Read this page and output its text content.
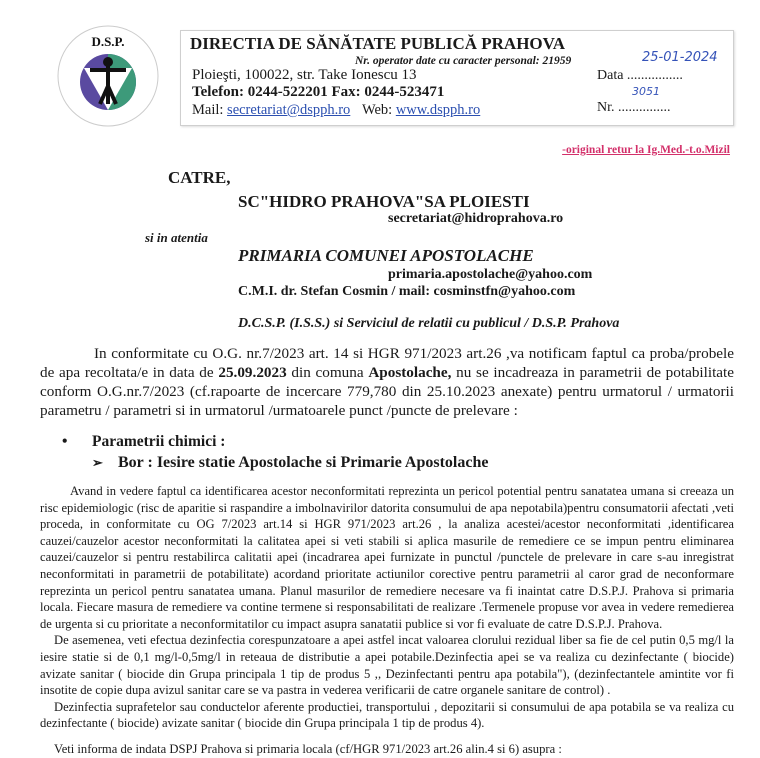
D.S.P.	DIRECTIA DE SĂNĂTATE PUBLICĂ PRAHOVA
Nr. operator date cu caracter personal: 21959
Ploieşti, 100022, str. Take Ionescu 13
Telefon: 0244-522201 Fax: 0244-523471
Mail: secretariat@dspph.ro Web: www.dspph.ro
25-01-2024
Data ................
3051
Nr. ...............
-original retur la Ig.Med.-t.o.Mizil
CATRE,
SC"HIDRO PRAHOVA"SA PLOIESTI
secretariat@hidroprahova.ro
si in atentia
PRIMARIA COMUNEI APOSTOLACHE
primaria.apostolache@yahoo.com
C.M.I. dr. Stefan Cosmin / mail: cosminstfn@yahoo.com
D.C.S.P. (I.S.S.) si Serviciul de relatii cu publicul / D.S.P. Prahova

In conformitate cu O.G. nr.7/2023 art. 14 si HGR 971/2023 art.26 ,va notificam faptul ca proba/probele de apa recoltata/e in data de 25.09.2023 din comuna Apostolache, nu se incadreaza in parametrii de potabilitate conform O.G.nr.7/2023 (cf.rapoarte de incercare 779,780 din 25.10.2023 anexate) pentru urmatorul / urmatorii parametru / parametri si in urmatorul /urmatoarele punct /puncte de prelevare :

• Parametrii chimici :
➢ Bor : Iesire statie Apostolache si Primarie Apostolache

Avand in vedere faptul ca identificarea acestor neconformitati reprezinta un pericol potential pentru sanatatea umana si creeaza un risc epidemiologic (risc de aparitie si raspandire a imbolnavirilor datorita consumului de apa nepotabila)pentru consumatorii afectati ,veti proceda, in conformitate cu OG 7/2023 art.14 si HGR 971/2023 art.26 , la analiza acestei/acestor neconformitati ,identificarea cauzei/cauzelor acestor neconformitati la calitatea apei si veti stabili si aplica masurile de remediere ce se impun pentru eliminarea cauzei/cauzelor si pentru restabilirca calitatii apei (incadrarea apei furnizate in punctul /punctele de prelevare in care s-au inregistrat neconformitati in parametrii de potabilitate) acordand prioritate actiunilor corective pentru parametrii al caror grad de neconformare reprezinta un pericol pentru sanatatea umana. Planul masurilor de remediere necesare va fi inaintat catre D.S.P.J. Prahova si primaria locala. Fiecare masura de remediere va contine termene si responsabilitati de realizare .Termenele propuse vor avea in vedere remedierea de urgenta si cu prioritate a neconformitatilor cu impact asupra sanatatii publice si vor fi evaluate de catre D.S.P.J. Prahova.

De asemenea, veti efectua dezinfectia corespunzatoare a apei astfel incat valoarea clorului rezidual liber sa fie de cel putin 0,5 mg/l la iesire statie si de 0,1 mg/l-0,5mg/l in reteaua de distributie a apei potabile.Dezinfectia apei se va realiza cu dezinfectante ( biocide) avizate sanitar ( biocide din Grupa principala 1 tip de produs 5 ,, Dezinfectanti pentru apa potabila"), (dezinfectantele amintite vor fi insotite de copie dupa avizul sanitar care se va pastra in vederea verificarii de catre organele sanitare de control) .

Dezinfectia suprafetelor sau conductelor aferente productiei, transportului , depozitarii si consumului de apa potabila se va realiza cu dezinfectante ( biocide) avizate sanitar ( biocide din Grupa principala 1 tip de produs 4).

Veti informa de indata DSPJ Prahova si primaria locala (cf/HGR 971/2023 art.26 alin.4 si 6) asupra :
